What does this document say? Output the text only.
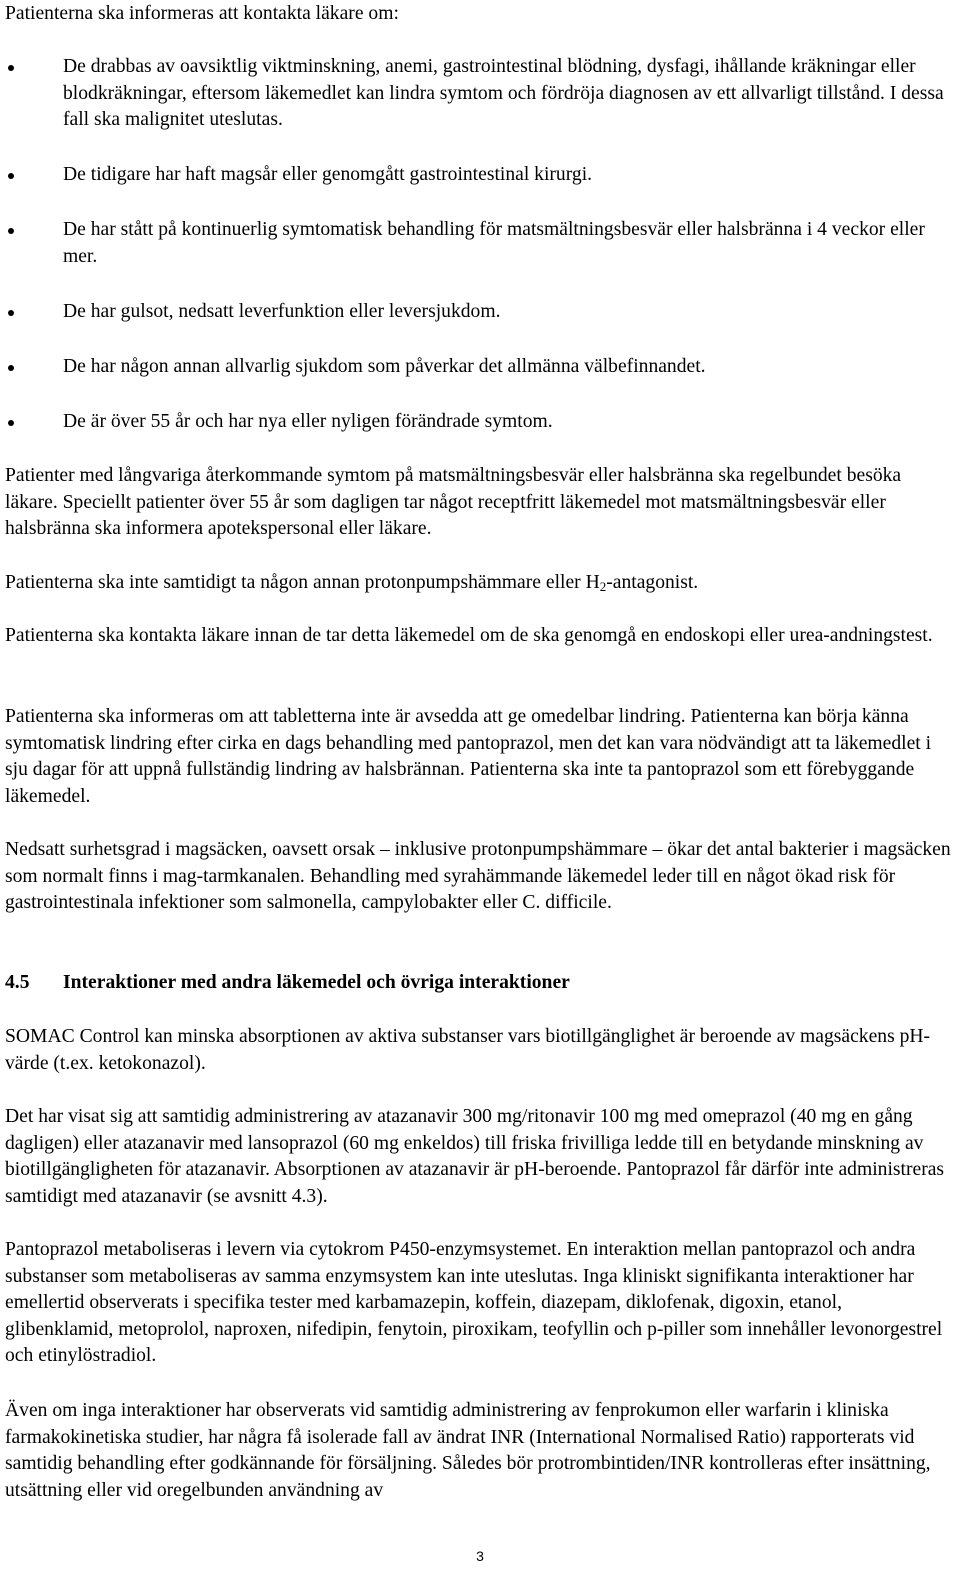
Patienterna ska informeras att kontakta läkare om:

De drabbas av oavsiktlig viktminskning, anemi, gastrointestinal blödning, dysfagi, ihållande kräkningar eller blodkräkningar, eftersom läkemedlet kan lindra symtom och fördröja diagnosen av ett allvarligt tillstånd. I dessa fall ska malignitet uteslutas.
De tidigare har haft magsår eller genomgått gastrointestinal kirurgi.
De har stått på kontinuerlig symtomatisk behandling för matsmältningsbesvär eller halsbränna i 4 veckor eller mer.
De har gulsot, nedsatt leverfunktion eller leversjukdom.
De har någon annan allvarlig sjukdom som påverkar det allmänna välbefinnandet.
De är över 55 år och har nya eller nyligen förändrade symtom.

Patienter med långvariga återkommande symtom på matsmältningsbesvär eller halsbränna ska regelbundet besöka läkare. Speciellt patienter över 55 år som dagligen tar något receptfritt läkemedel mot matsmältningsbesvär eller halsbränna ska informera apotekspersonal eller läkare.

Patienterna ska inte samtidigt ta någon annan protonpumpshämmare eller $H_2$-antagonist.

Patienterna ska kontakta läkare innan de tar detta läkemedel om de ska genomgå en endoskopi eller urea-andningstest.

Patienterna ska informeras om att tabletterna inte är avsedda att ge omedelbar lindring. Patienterna kan börja känna symtomatisk lindring efter cirka en dags behandling med pantoprazol, men det kan vara nödvändigt att ta läkemedlet i sju dagar för att uppnå fullständig lindring av halsbrännan. Patienterna ska inte ta pantoprazol som ett förebyggande läkemedel.

Nedsatt surhetsgrad i magsäcken, oavsett orsak – inklusive protonpumpshämmare – ökar det antal bakterier i magsäcken som normalt finns i mag-tarmkanalen. Behandling med syrahämmande läkemedel leder till en något ökad risk för gastrointestinala infektioner som salmonella, campylobakter eller C. difficile.

4.5 Interaktioner med andra läkemedel och övriga interaktioner

SOMAC Control kan minska absorptionen av aktiva substanser vars biotillgänglighet är beroende av magsäckens pH-värde (t.ex. ketokonazol).

Det har visat sig att samtidig administrering av atazanavir 300 mg/ritonavir 100 mg med omeprazol (40 mg en gång dagligen) eller atazanavir med lansoprazol (60 mg enkeldos) till friska frivilliga ledde till en betydande minskning av biotillgängligheten för atazanavir. Absorptionen av atazanavir är pH-beroende. Pantoprazol får därför inte administreras samtidigt med atazanavir (se avsnitt 4.3).

Pantoprazol metaboliseras i levern via cytokrom P450-enzymsystemet. En interaktion mellan pantoprazol och andra substanser som metaboliseras av samma enzymsystem kan inte uteslutas. Inga kliniskt signifikanta interaktioner har emellertid observerats i specifika tester med karbamazepin, koffein, diazepam, diklofenak, digoxin, etanol, glibenklamid, metoprolol, naproxen, nifedipin, fenytoin, piroxikam, teofyllin och p-piller som innehåller levonorgestrel och etinylöstradiol.

Även om inga interaktioner har observerats vid samtidig administrering av fenprokumon eller warfarin i kliniska farmakokinetiska studier, har några få isolerade fall av ändrat INR (International Normalised Ratio) rapporterats vid samtidig behandling efter godkännande för försäljning. Således bör protrombintiden/INR kontrolleras efter insättning, utsättning eller vid oregelbunden användning av

3
